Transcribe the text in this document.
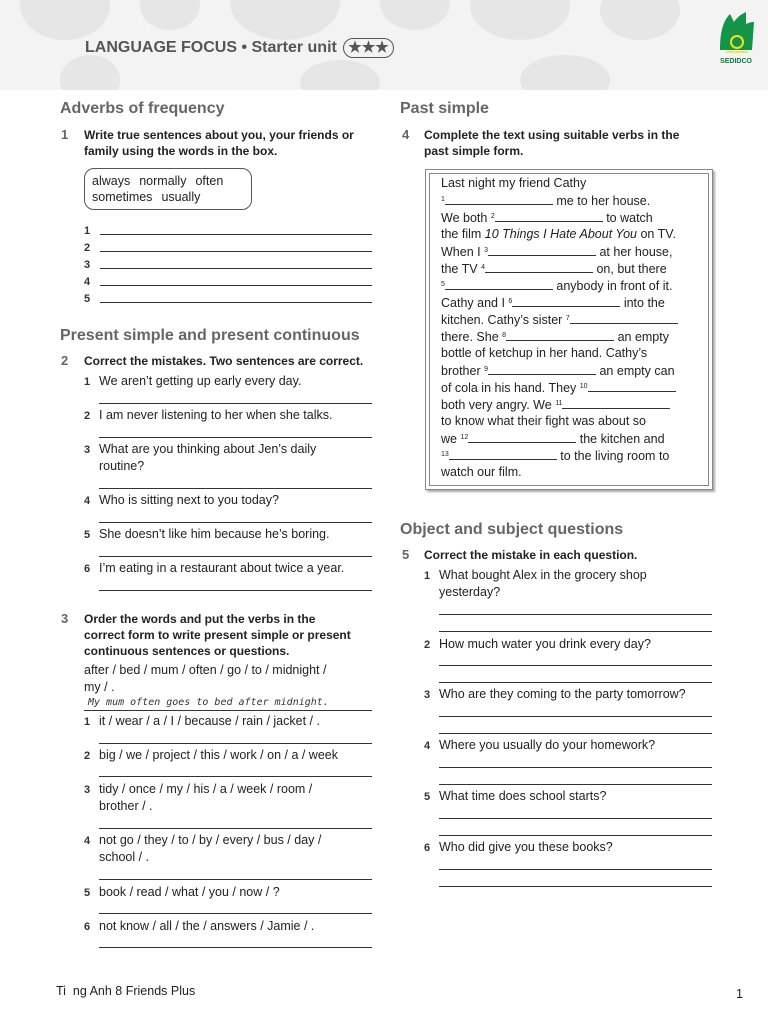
LANGUAGE FOCUS • Starter unit ★★★
SEDIDCO
Adverbs of frequency
1 Write true sentences about you, your friends or
family using the words in the box.
always normally often
sometimes usually
1
2
3
4
5
Present simple and present continuous
2 Correct the mistakes. Two sentences are correct.
1 We aren’t getting up early every day.
2 I am never listening to her when she talks.
3 What are you thinking about Jen’s daily
routine?
4 Who is sitting next to you today?
5 She doesn’t like him because he’s boring.
6 I’m eating in a restaurant about twice a year.
3 Order the words and put the verbs in the
correct form to write present simple or present
continuous sentences or questions.
after / bed / mum / often / go / to / midnight /
my / .
My mum often goes to bed after midnight.
1 it / wear / a / I / because / rain / jacket / .
2 big / we / project / this / work / on / a / week
3 tidy / once / my / his / a / week / room /
brother / .
4 not go / they / to / by / every / bus / day /
school / .
5 book / read / what / you / now / ?
6 not know / all / the / answers / Jamie / .
Past simple
4 Complete the text using suitable verbs in the
past simple form.
Last night my friend Cathy
$^1$	me to her house.
We both $^2$	to watch
the film 10 Things I Hate About You on TV.
When I $^3$	at her house,
the TV $^4$	on, but there
$^5$	anybody in front of it.
Cathy and I $^6$	into the
kitchen. Cathy’s sister $^7$
there. She $^8$	an empty
bottle of ketchup in her hand. Cathy’s
brother $^9$	an empty can
of cola in his hand. They $^{10}$
both very angry. We $^{11}$
to know what their fight was about so
we $^{12}$	the kitchen and
$^{13}$	to the living room to
watch our film.
Object and subject questions
5 Correct the mistake in each question.
1 What bought Alex in the grocery shop
yesterday?
2 How much water you drink every day?
3 Who are they coming to the party tomorrow?
4 Where you usually do your homework?
5 What time does school starts?
6 Who did give you these books?
Ti  ng Anh 8 Friends Plus	1
